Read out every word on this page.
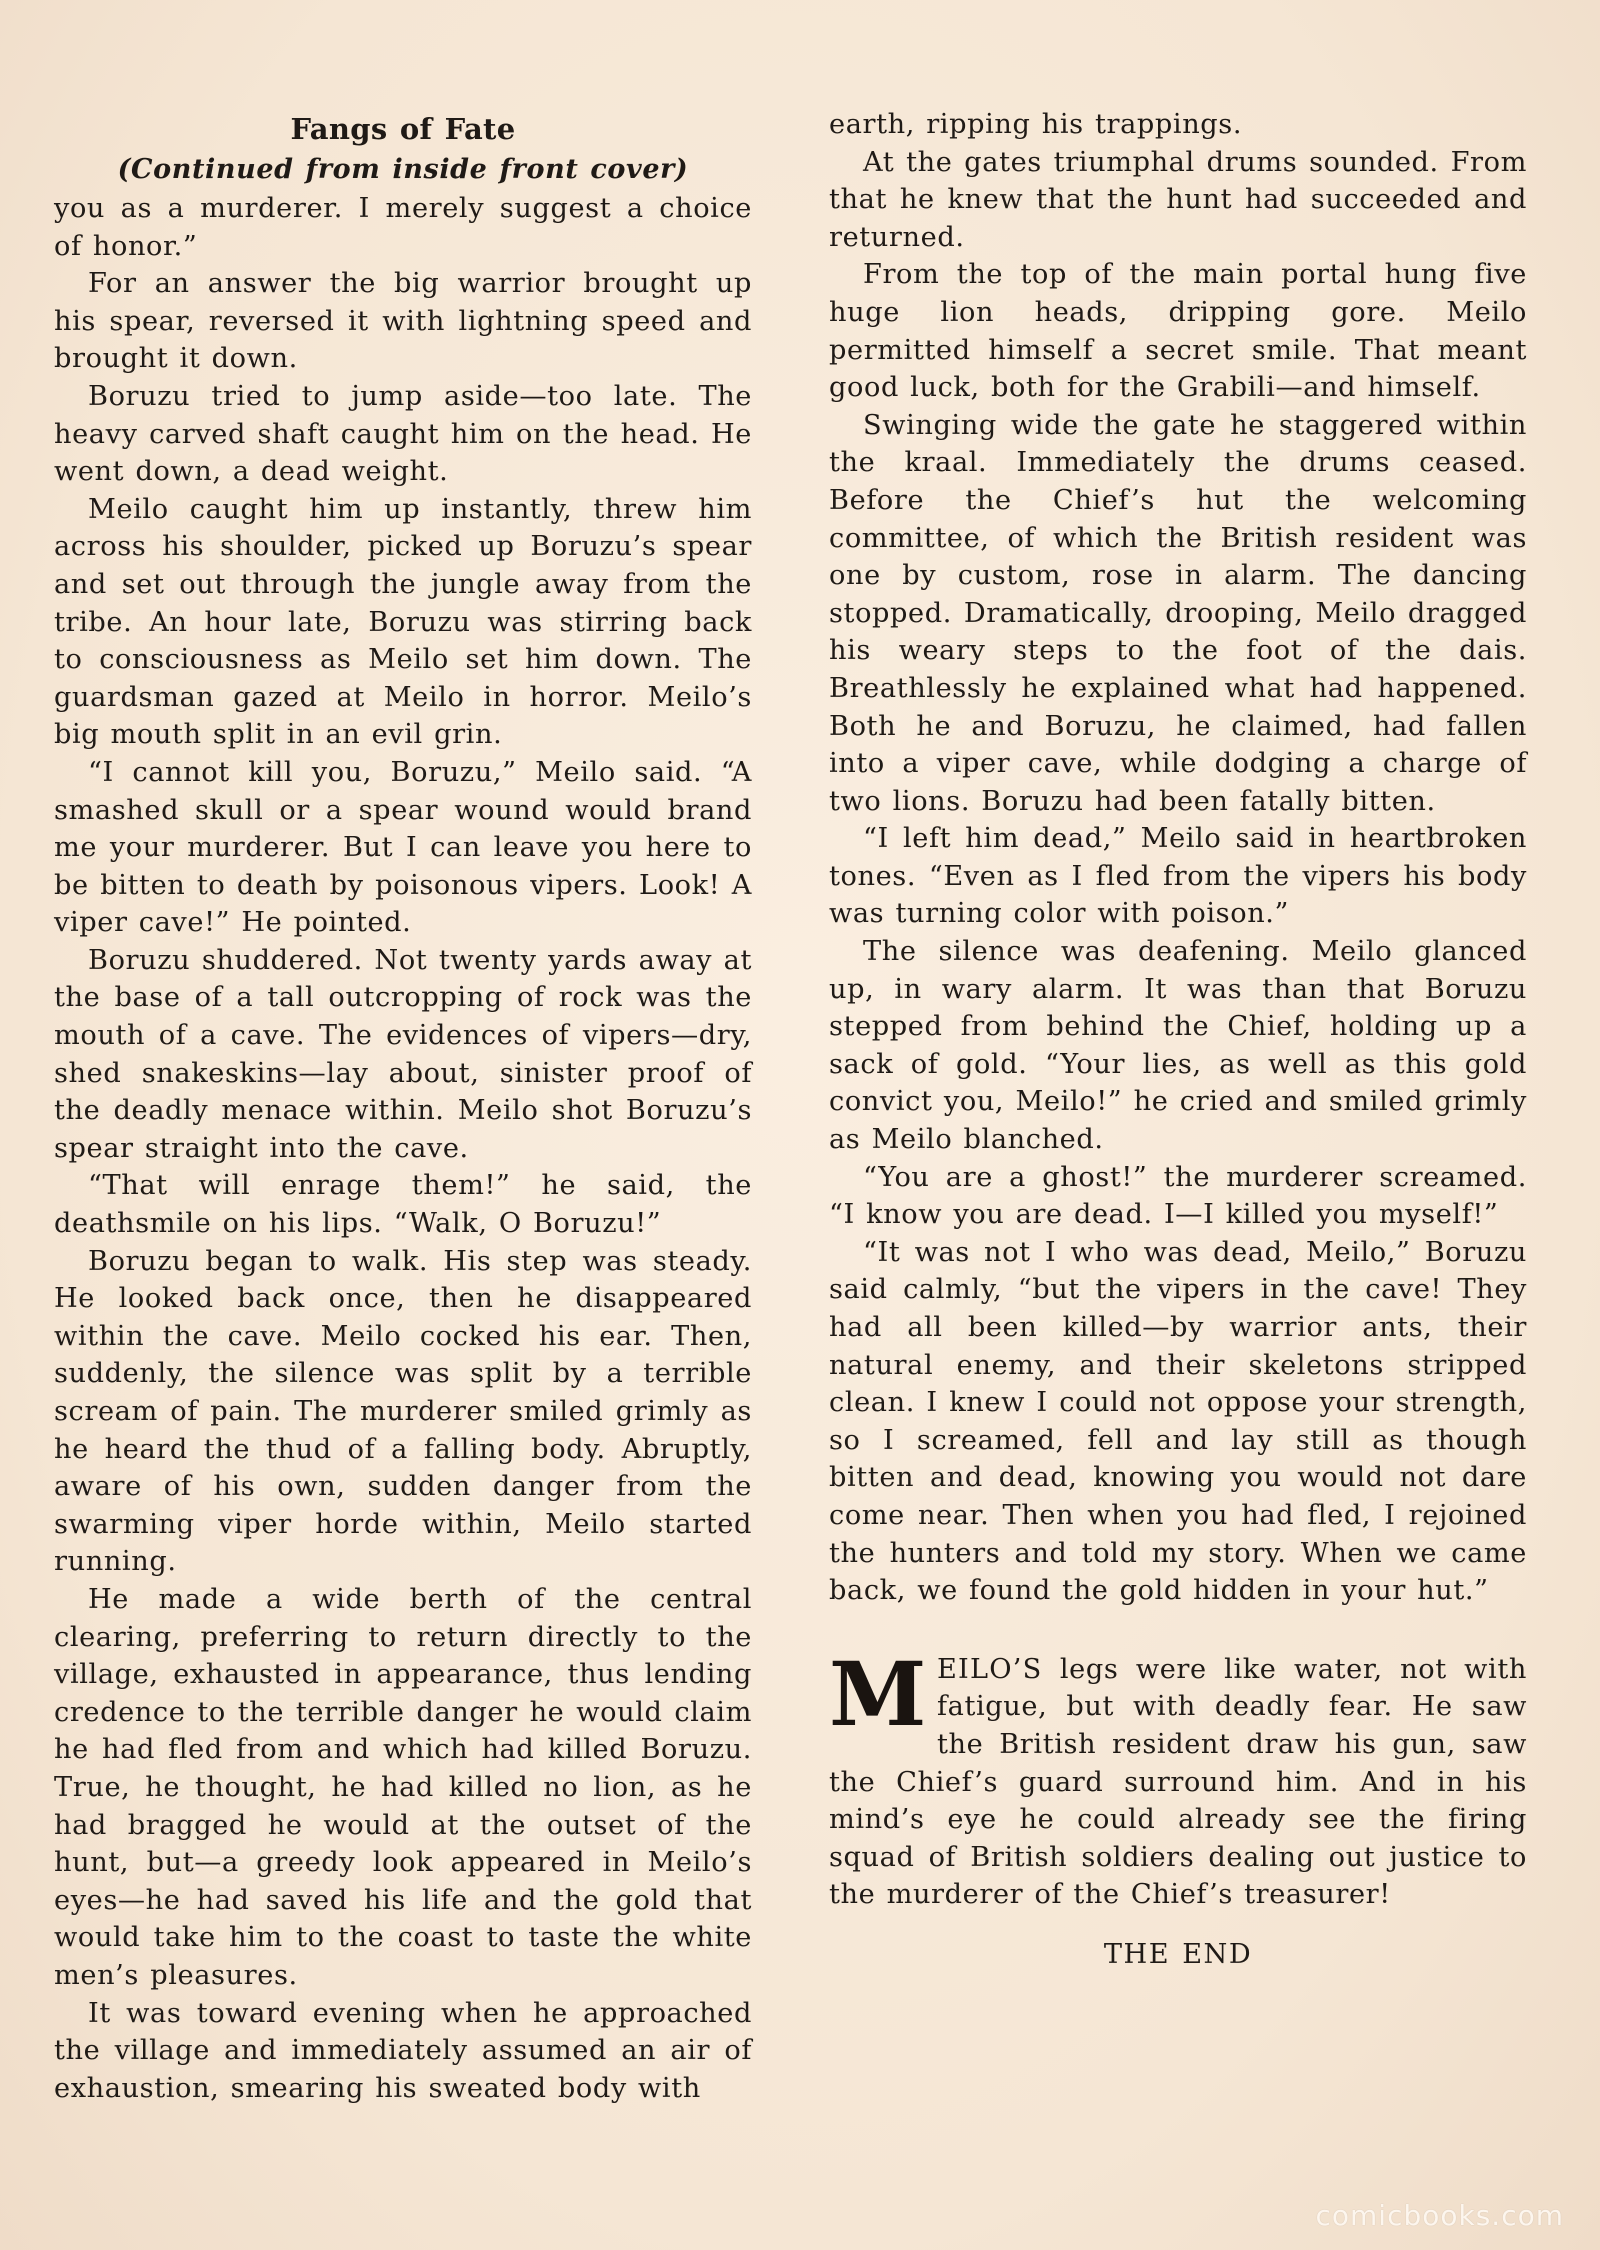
Fangs of Fate

(Continued from inside front cover)

you as a murderer. I merely suggest a choice of honor.”

For an answer the big warrior brought up his spear, reversed it with lightning speed and brought it down.

Boruzu tried to jump aside—too late. The heavy carved shaft caught him on the head. He went down, a dead weight.

Meilo caught him up instantly, threw him across his shoulder, picked up Boruzu’s spear and set out through the jungle away from the tribe. An hour late, Boruzu was stirring back to consciousness as Meilo set him down. The guardsman gazed at Meilo in horror. Meilo’s big mouth split in an evil grin.

“I cannot kill you, Boruzu,” Meilo said. “A smashed skull or a spear wound would brand me your murderer. But I can leave you here to be bitten to death by poisonous vipers. Look! A viper cave!” He pointed.

Boruzu shuddered. Not twenty yards away at the base of a tall outcropping of rock was the mouth of a cave. The evidences of vipers—dry, shed snakeskins—lay about, sinister proof of the deadly menace within. Meilo shot Boruzu’s spear straight into the cave.

“That will enrage them!” he said, the deathsmile on his lips. “Walk, O Boruzu!”

Boruzu began to walk. His step was steady. He looked back once, then he disappeared within the cave. Meilo cocked his ear. Then, suddenly, the silence was split by a terrible scream of pain. The murderer smiled grimly as he heard the thud of a falling body. Abruptly, aware of his own, sudden danger from the swarming viper horde within, Meilo started running.

He made a wide berth of the central clearing, preferring to return directly to the village, exhausted in appearance, thus lending credence to the terrible danger he would claim he had fled from and which had killed Boruzu. True, he thought, he had killed no lion, as he had bragged he would at the outset of the hunt, but—a greedy look appeared in Meilo’s eyes—he had saved his life and the gold that would take him to the coast to taste the white men’s pleasures.

It was toward evening when he approached the village and immediately assumed an air of exhaustion, smearing his sweated body with

earth, ripping his trappings.

At the gates triumphal drums sounded. From that he knew that the hunt had succeeded and returned.

From the top of the main portal hung five huge lion heads, dripping gore. Meilo permitted himself a secret smile. That meant good luck, both for the Grabili—and himself.

Swinging wide the gate he staggered within the kraal. Immediately the drums ceased. Before the Chief’s hut the welcoming committee, of which the British resident was one by custom, rose in alarm. The dancing stopped. Dramatically, drooping, Meilo dragged his weary steps to the foot of the dais. Breathlessly he explained what had happened. Both he and Boruzu, he claimed, had fallen into a viper cave, while dodging a charge of two lions. Boruzu had been fatally bitten.

“I left him dead,” Meilo said in heartbroken tones. “Even as I fled from the vipers his body was turning color with poison.”

The silence was deafening. Meilo glanced up, in wary alarm. It was than that Boruzu stepped from behind the Chief, holding up a sack of gold. “Your lies, as well as this gold convict you, Meilo!” he cried and smiled grimly as Meilo blanched.

“You are a ghost!” the murderer screamed. “I know you are dead. I—I killed you myself!”

“It was not I who was dead, Meilo,” Boruzu said calmly, “but the vipers in the cave! They had all been killed—by warrior ants, their natural enemy, and their skeletons stripped clean. I knew I could not oppose your strength, so I screamed, fell and lay still as though bitten and dead, knowing you would not dare come near. Then when you had fled, I rejoined the hunters and told my story. When we came back, we found the gold hidden in your hut.”

MEILO’S legs were like water, not with fatigue, but with deadly fear. He saw the British resident draw his gun, saw the Chief’s guard surround him. And in his mind’s eye he could already see the firing squad of British soldiers dealing out justice to the murderer of the Chief’s treasurer!

THE END

comicbooks.com
